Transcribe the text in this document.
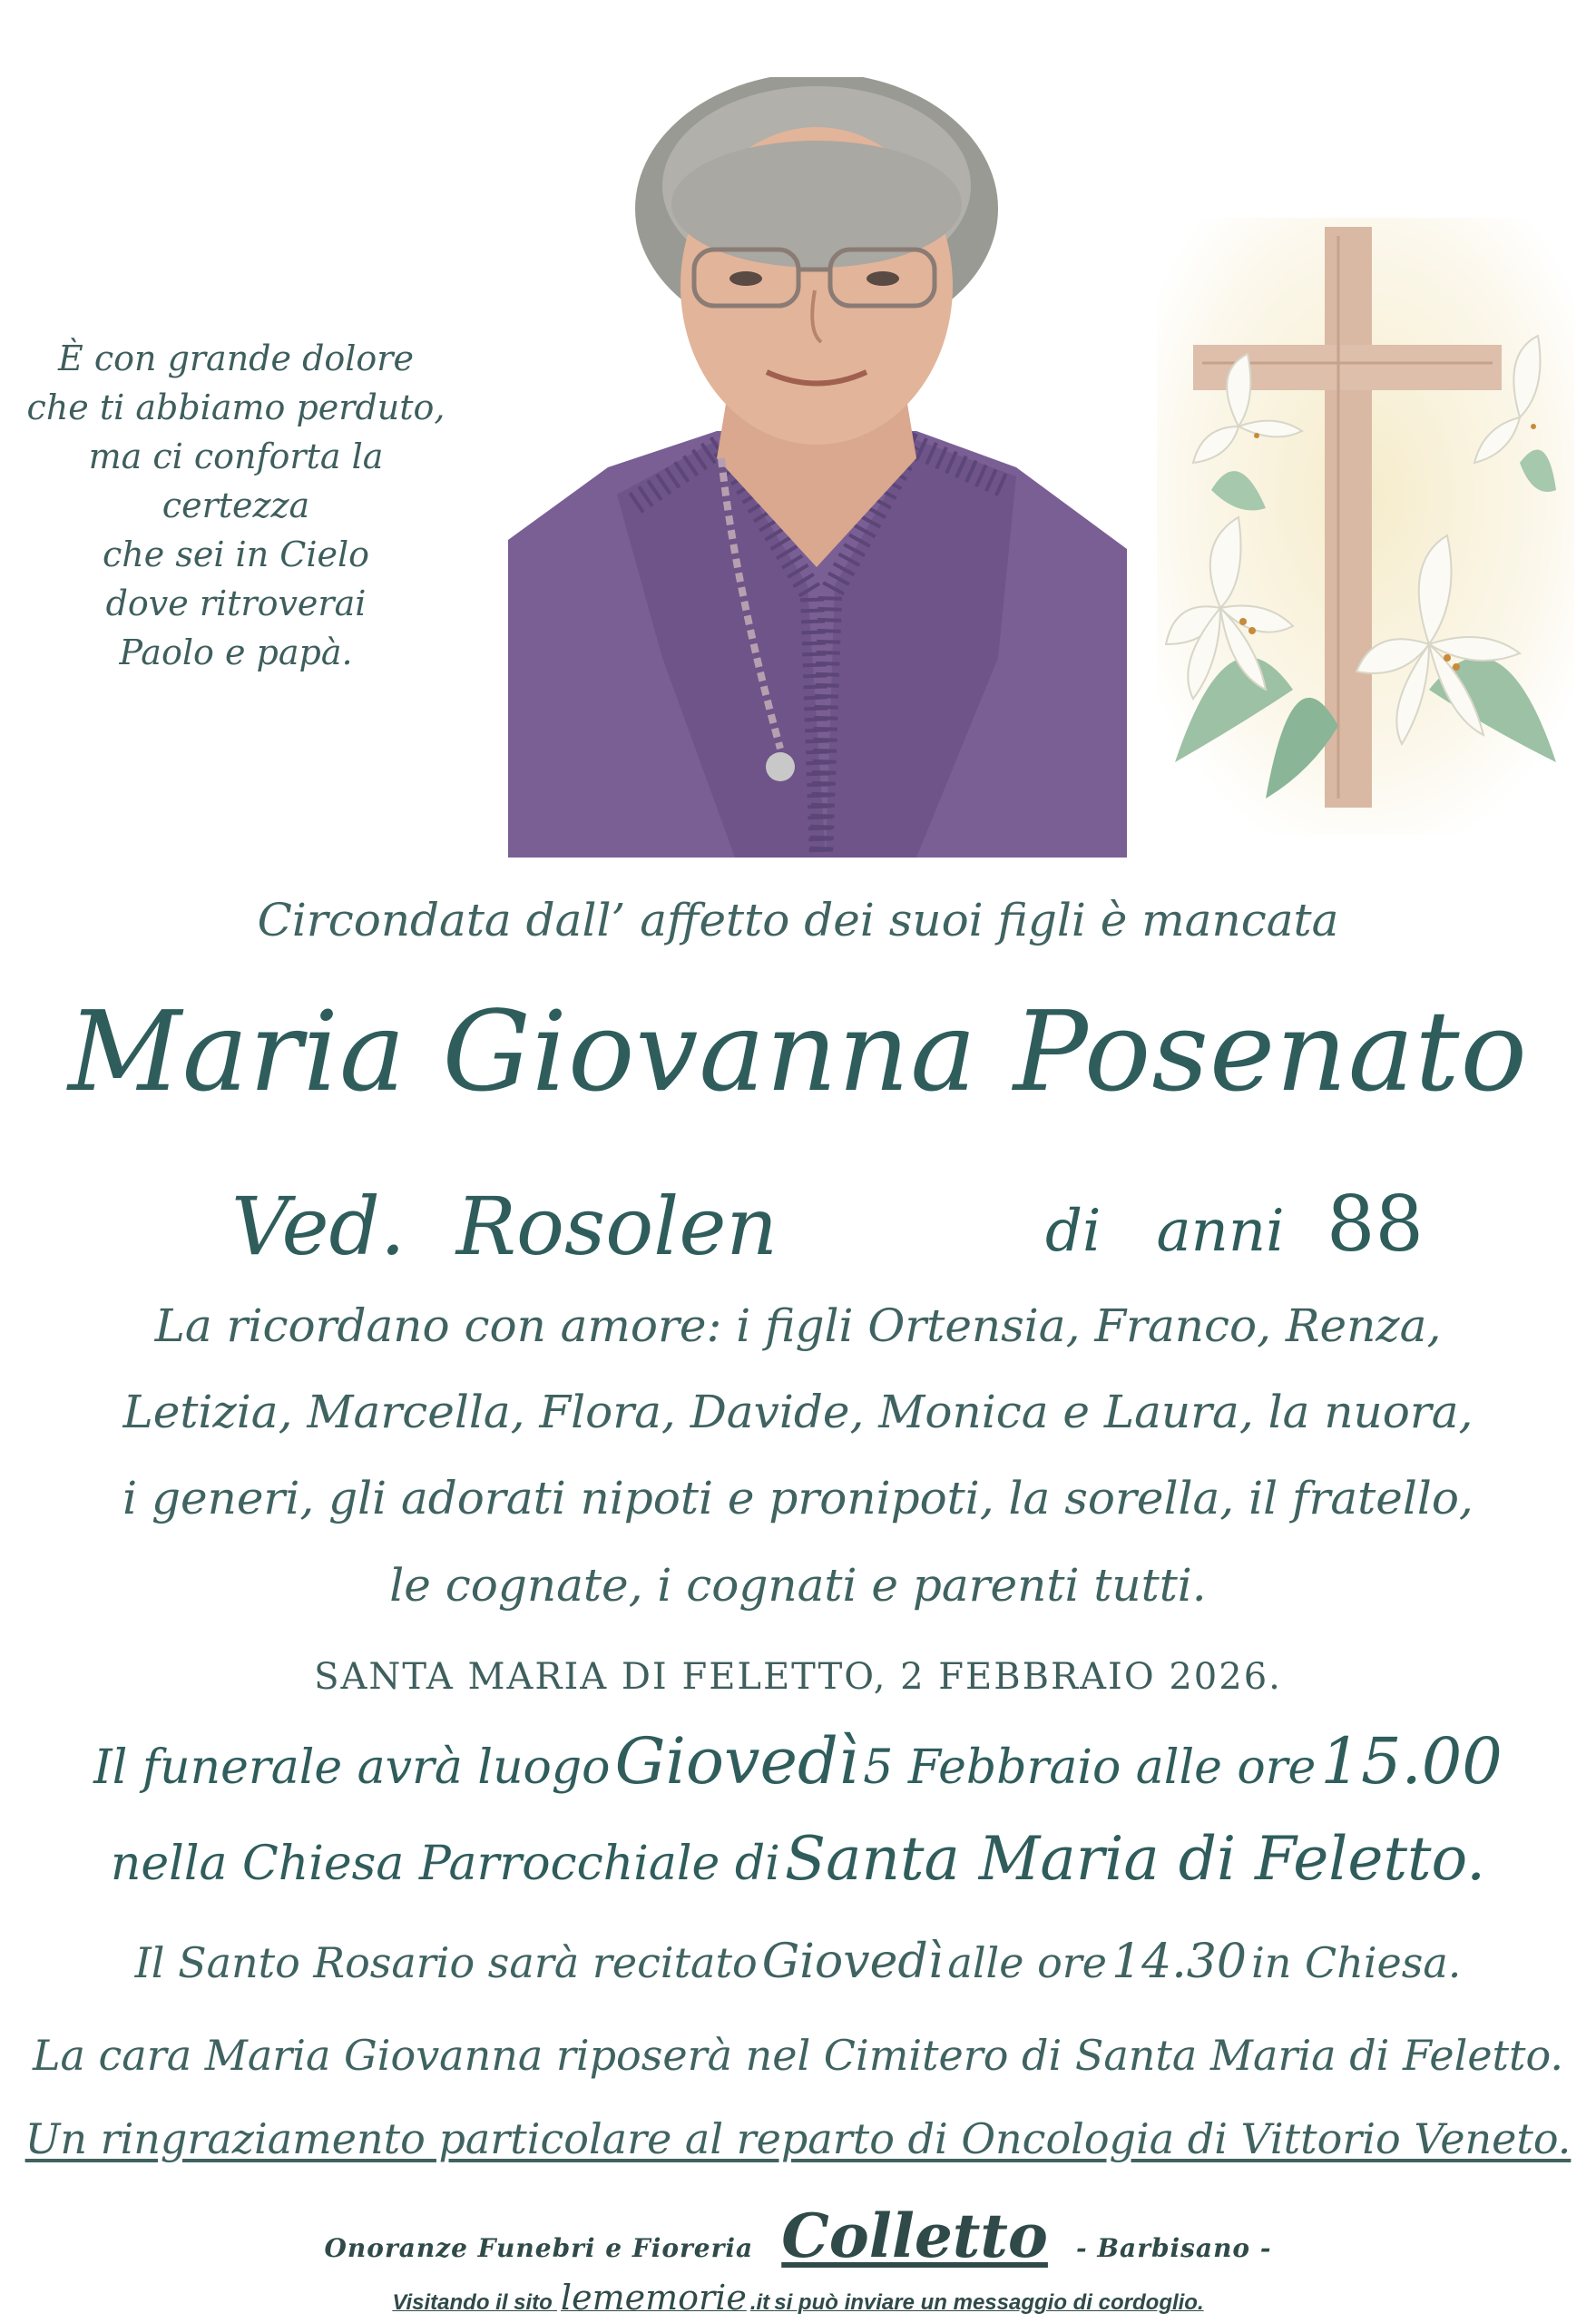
È con grande dolore
che ti abbiamo perduto,
ma ci conforta la certezza
che sei in Cielo
dove ritroverai
Paolo e papà.
Circondata dall’ affetto dei suoi figli è mancata
Maria Giovanna Posenato
Ved.  Rosolen	di   anni 88
La ricordano con amore: i figli Ortensia, Franco, Renza,
Letizia, Marcella, Flora, Davide, Monica e Laura, la nuora,
i generi, gli adorati nipoti e pronipoti, la sorella, il fratello,
le cognate, i cognati e parenti tutti.
SANTA MARIA DI FELETTO, 2 FEBBRAIO 2026.
Il funerale avrà luogo Giovedì 5 Febbraio alle ore 15.00
nella Chiesa Parrocchiale di Santa Maria di Feletto.
Il Santo Rosario sarà recitato Giovedì alle ore 14.30 in Chiesa.
La cara Maria Giovanna riposerà nel Cimitero di Santa Maria di Feletto.
Un ringraziamento particolare al reparto di Oncologia di Vittorio Veneto.
Onoranze Funebri e Fioreria Colletto - Barbisano -
Visitando il sito lememorie .it si può inviare un messaggio di cordoglio.
